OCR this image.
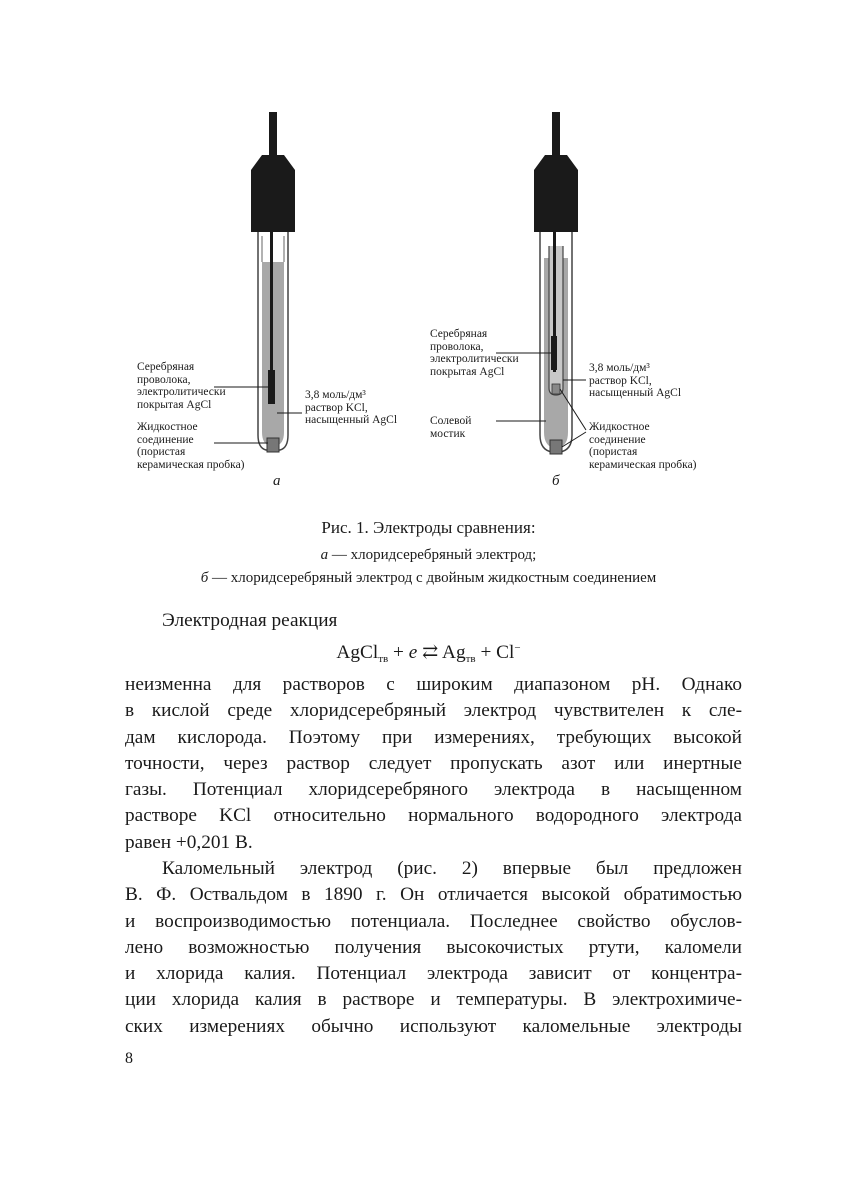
Серебряная
проволока,
электролитически
покрытая AgCl
Жидкостное
соединение
(пористая
керамическая пробка)
3,8 моль/дм³
раствор KCl,
насыщенный AgCl
а
Серебряная
проволока,
электролитически
покрытая AgCl
Солевой
мостик
3,8 моль/дм³
раствор KCl,
насыщенный AgCl
Жидкостное
соединение
(пористая
керамическая пробка)
б
Рис. 1. Электроды сравнения:
а — хлоридсеребряный электрод;
б — хлоридсеребряный электрод с двойным жидкостным соединением
Электродная реакция
AgCl$_{тв}$ + e ⇄ $Ag_{тв} + Cl^-$
неизменна для растворов с широким диапазоном pH. Однако
в кислой среде хлоридсеребряный электрод чувствителен к сле-
дам кислорода. Поэтому при измерениях, требующих высокой
точности, через раствор следует пропускать азот или инертные
газы. Потенциал хлоридсеребряного электрода в насыщенном
растворе KCl относительно нормального водородного электрода
равен +0,201 В.
Каломельный электрод (рис. 2) впервые был предложен
В. Ф. Оствальдом в 1890 г. Он отличается высокой обратимостью
и воспроизводимостью потенциала. Последнее свойство обуслов-
лено возможностью получения высокочистых ртути, каломели
и хлорида калия. Потенциал электрода зависит от концентра-
ции хлорида калия в растворе и температуры. В электрохимиче-
ских измерениях обычно используют каломельные электроды
8
